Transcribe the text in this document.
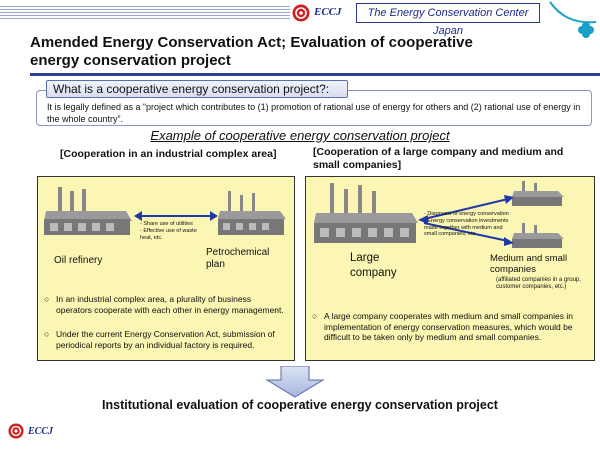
ECCJ	The Energy Conservation Center Japan
Amended Energy Conservation Act; Evaluation of cooperative energy conservation project
It is legally defined as a “project which contributes to (1) promotion of rational use of energy for others and (2) rational use of energy in the whole country”.
What is a cooperative energy conservation project?:
Example of cooperative energy conservation project
[Cooperation in an industrial complex area]	[Cooperation of a large company and medium and small companies]
- Share use of utilities
- Effective use of waste heat, etc.
Oil refinery
Petrochemical plan
○ In an industrial complex area, a plurality of business operators cooperate with each other in energy management.
○ Under the current Energy Conservation Act, submission of periodical reports by an individual factory is required.
- Diagnosis of energy conservation
- Energy conservation investments made together with medium and small companies, etc.
Large company
Medium and small companies
(affiliated companies in a group, customer companies, etc.)
○ A large company cooperates with medium and small companies in implementation of energy conservation measures, which would be difficult to be taken only by medium and small companies.
Institutional evaluation of cooperative energy conservation project
ECCJ
